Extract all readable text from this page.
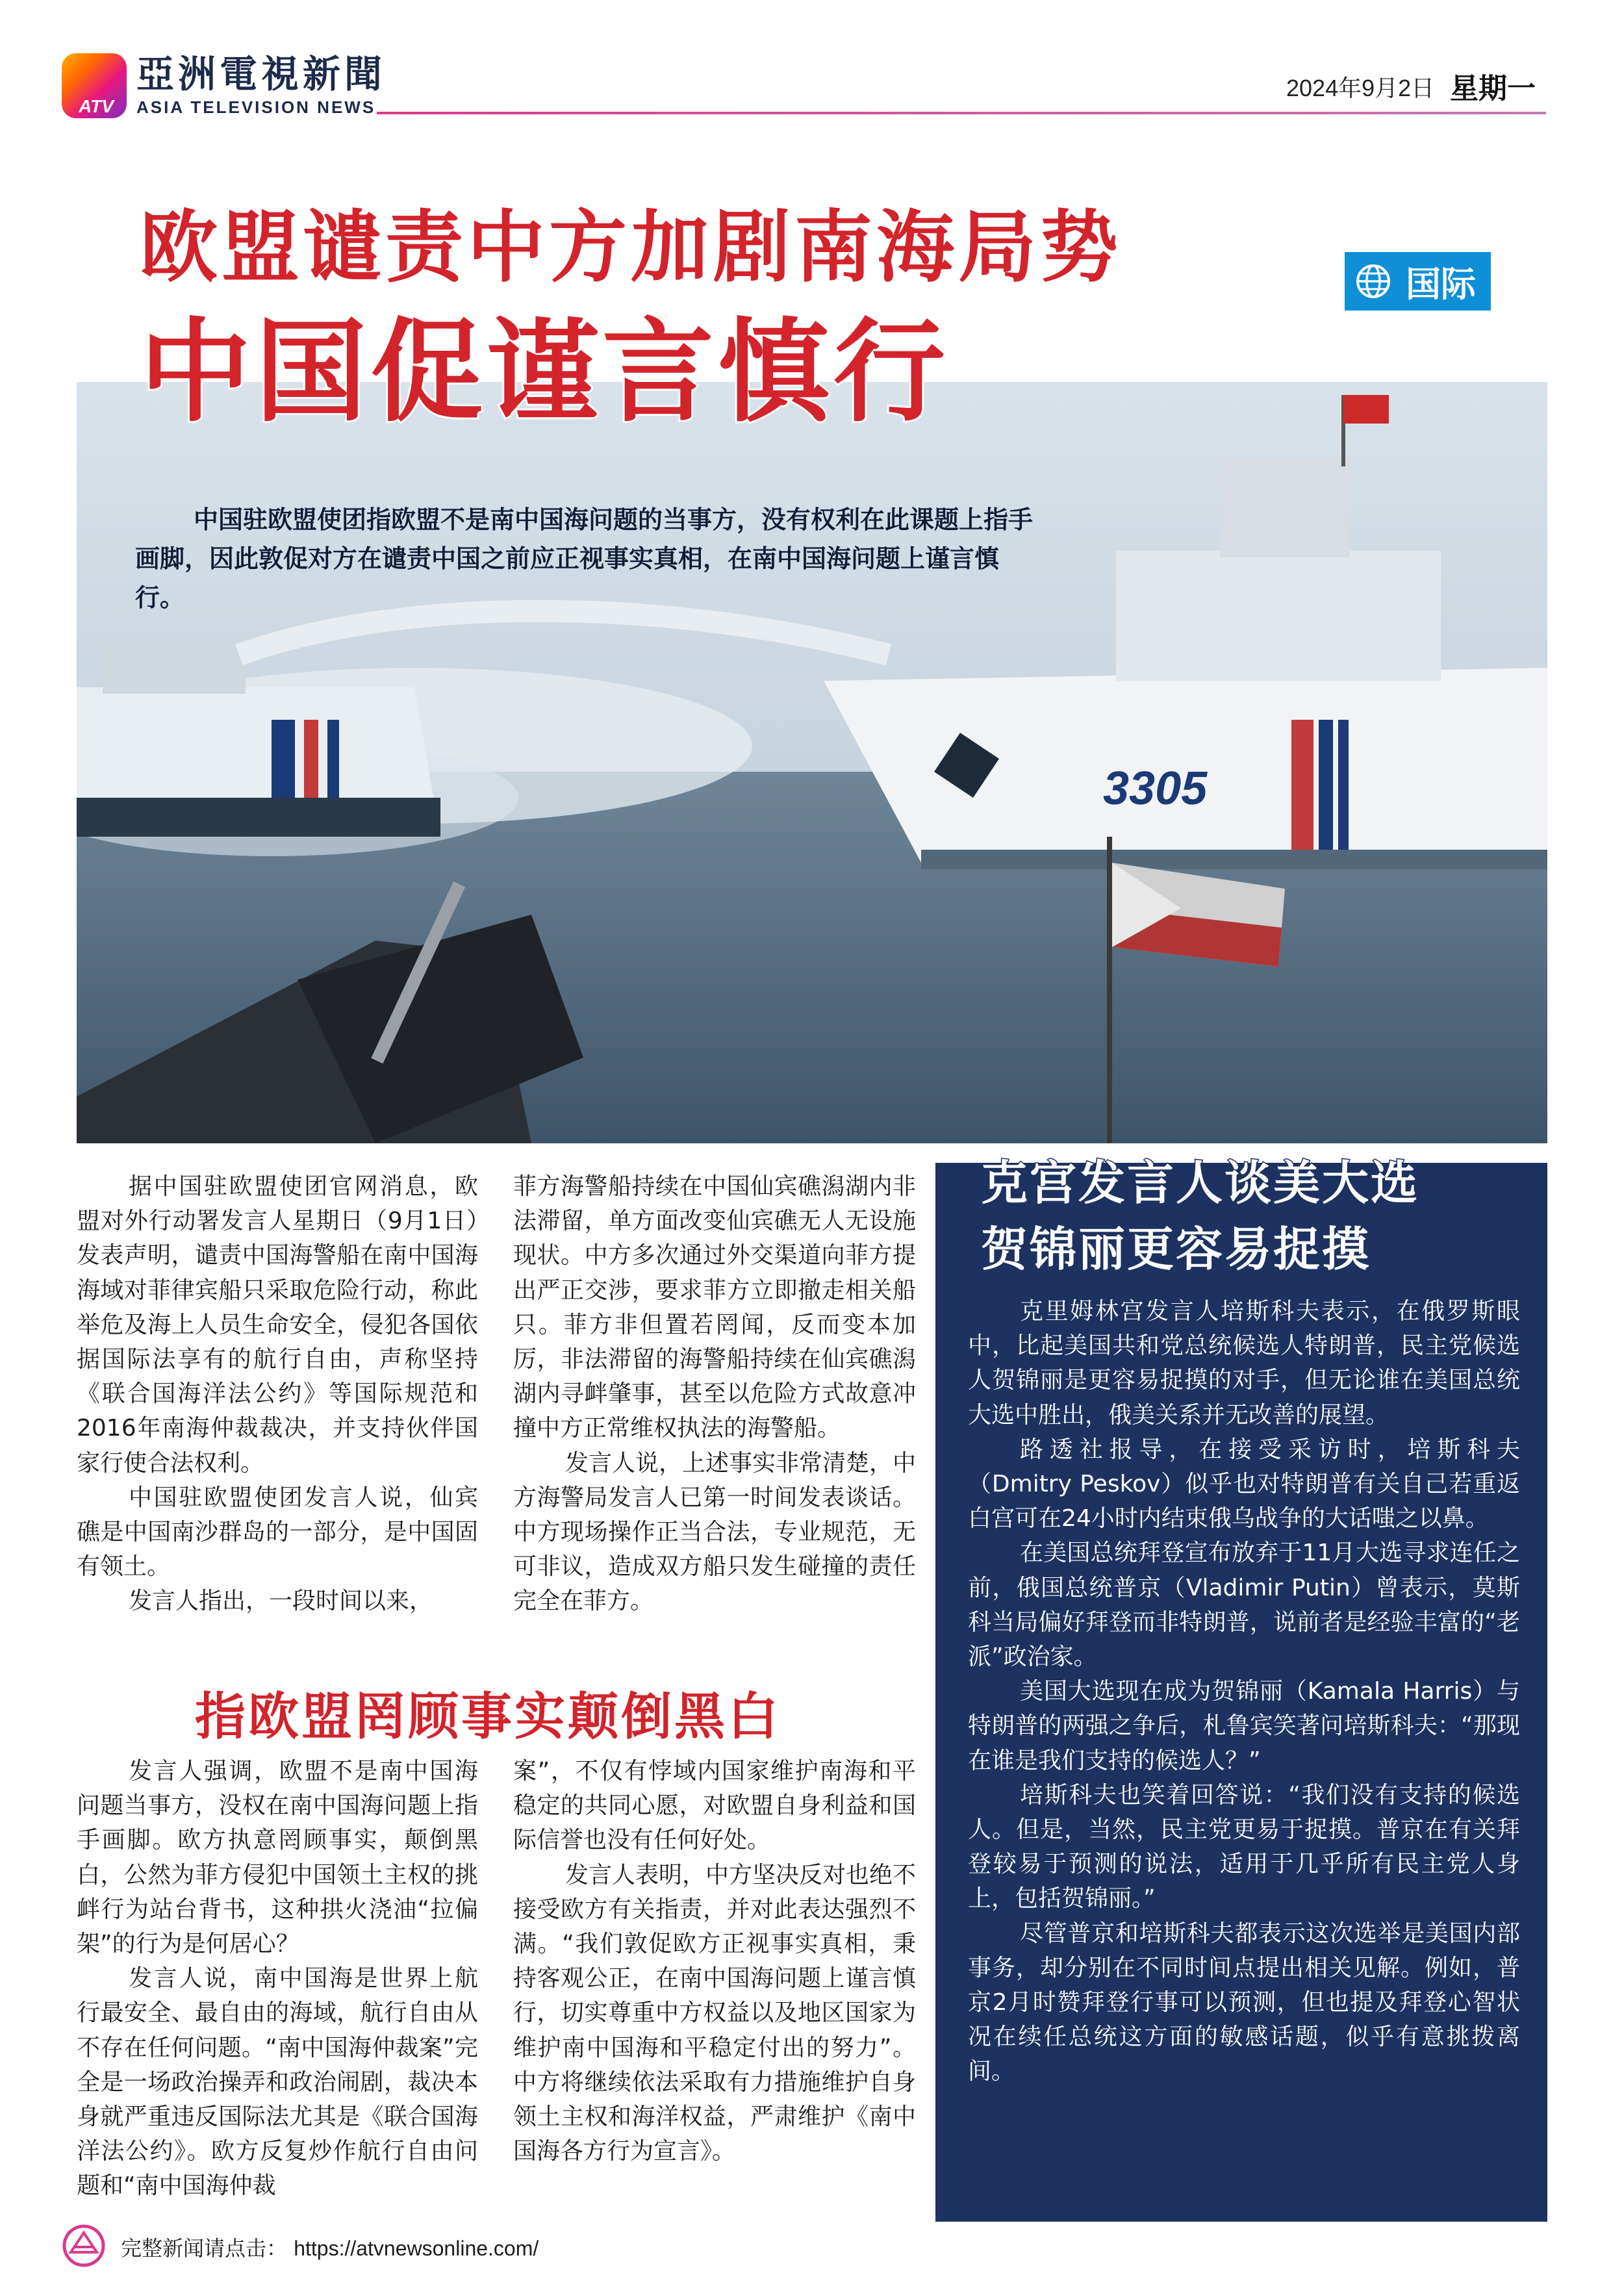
ATV
亞洲電視新聞
ASIA TELEVISION NEWS
2024年9月2日 星期一
国际
欧盟谴责中方加剧南海局势
中国促谨言慎行
3305

中国驻欧盟使团指欧盟不是南中国海问题的当事方，没有权利在此课题上指手画脚，因此敦促对方在谴责中国之前应正视事实真相，在南中国海问题上谨言慎行。

据中国驻欧盟使团官网消息，欧盟对外行动署发言人星期日（9月1日）发表声明，谴责中国海警船在南中国海海域对菲律宾船只采取危险行动，称此举危及海上人员生命安全，侵犯各国依据国际法享有的航行自由，声称坚持《联合国海洋法公约》等国际规范和2016年南海仲裁裁决，并支持伙伴国家行使合法权利。

中国驻欧盟使团发言人说，仙宾礁是中国南沙群岛的一部分，是中国固有领土。

发言人指出，一段时间以来，

菲方海警船持续在中国仙宾礁潟湖内非法滞留，单方面改变仙宾礁无人无设施现状。中方多次通过外交渠道向菲方提出严正交涉，要求菲方立即撤走相关船只。菲方非但置若罔闻，反而变本加厉，非法滞留的海警船持续在仙宾礁潟湖内寻衅肇事，甚至以危险方式故意冲撞中方正常维权执法的海警船。

发言人说，上述事实非常清楚，中方海警局发言人已第一时间发表谈话。中方现场操作正当合法，专业规范，无可非议，造成双方船只发生碰撞的责任完全在菲方。

指欧盟罔顾事实颠倒黑白

发言人强调，欧盟不是南中国海问题当事方，没权在南中国海问题上指手画脚。欧方执意罔顾事实，颠倒黑白，公然为菲方侵犯中国领土主权的挑衅行为站台背书，这种拱火浇油“拉偏架”的行为是何居心？

发言人说，南中国海是世界上航行最安全、最自由的海域，航行自由从不存在任何问题。“南中国海仲裁案”完全是一场政治操弄和政治闹剧，裁决本身就严重违反国际法尤其是《联合国海洋法公约》。欧方反复炒作航行自由问题和“南中国海仲裁

案”，不仅有悖域内国家维护南海和平稳定的共同心愿，对欧盟自身利益和国际信誉也没有任何好处。

发言人表明，中方坚决反对也绝不接受欧方有关指责，并对此表达强烈不满。“我们敦促欧方正视事实真相，秉持客观公正，在南中国海问题上谨言慎行，切实尊重中方权益以及地区国家为维护南中国海和平稳定付出的努力”。中方将继续依法采取有力措施维护自身领土主权和海洋权益，严肃维护《南中国海各方行为宣言》。

克宫发言人谈美大选
贺锦丽更容易捉摸

克里姆林宫发言人培斯科夫表示，在俄罗斯眼中，比起美国共和党总统候选人特朗普，民主党候选人贺锦丽是更容易捉摸的对手，但无论谁在美国总统大选中胜出，俄美关系并无改善的展望。

路透社报导，在接受采访时，培斯科夫（Dmitry Peskov）似乎也对特朗普有关自己若重返白宫可在24小时内结束俄乌战争的大话嗤之以鼻。

在美国总统拜登宣布放弃于11月大选寻求连任之前，俄国总统普京（Vladimir Putin）曾表示，莫斯科当局偏好拜登而非特朗普，说前者是经验丰富的“老派”政治家。

美国大选现在成为贺锦丽（Kamala Harris）与特朗普的两强之争后，札鲁宾笑著问培斯科夫：“那现在谁是我们支持的候选人？”

培斯科夫也笑着回答说：“我们没有支持的候选人。但是，当然，民主党更易于捉摸。普京在有关拜登较易于预测的说法，适用于几乎所有民主党人身上，包括贺锦丽。”

尽管普京和培斯科夫都表示这次选举是美国内部事务，却分别在不同时间点提出相关见解。例如，普京2月时赞拜登行事可以预测，但也提及拜登心智状况在续任总统这方面的敏感话题，似乎有意挑拨离间。

完整新闻请点击： https://atvnewsonline.com/
